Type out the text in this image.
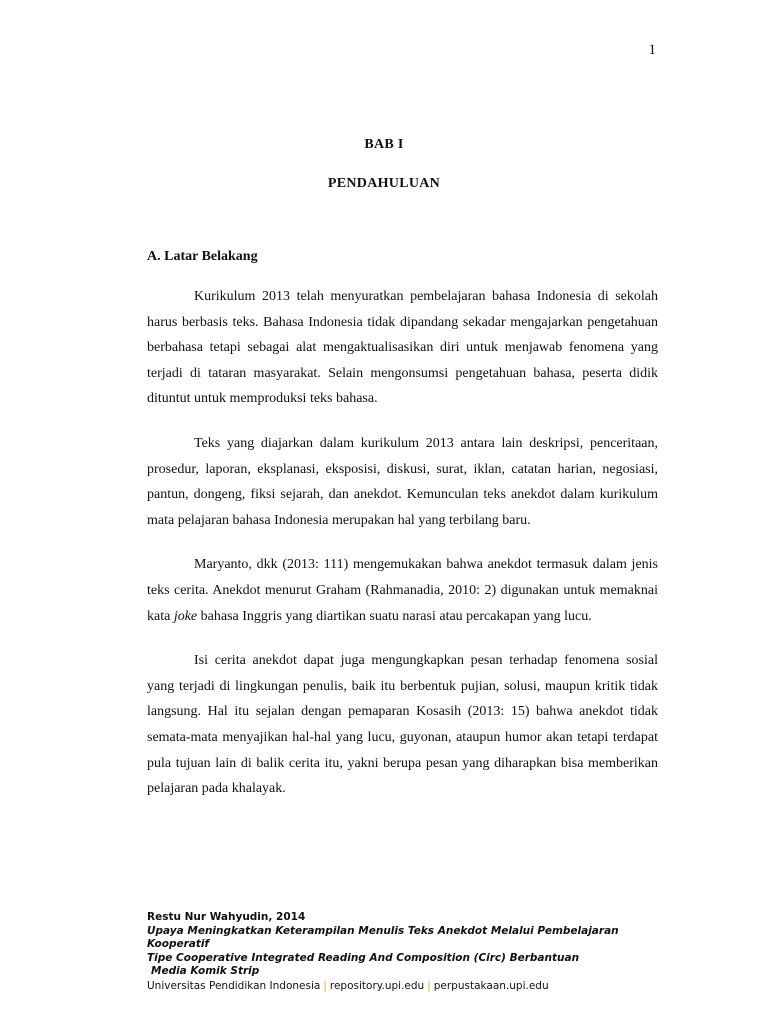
1
BAB I
PENDAHULUAN
A. Latar Belakang

Kurikulum 2013 telah menyuratkan pembelajaran bahasa Indonesia di sekolah harus berbasis teks. Bahasa Indonesia tidak dipandang sekadar mengajarkan pengetahuan berbahasa tetapi sebagai alat mengaktualisasikan diri untuk menjawab fenomena yang terjadi di tataran masyarakat. Selain mengonsumsi pengetahuan bahasa, peserta didik dituntut untuk memproduksi teks bahasa.

Teks yang diajarkan dalam kurikulum 2013 antara lain deskripsi, penceritaan, prosedur, laporan, eksplanasi, eksposisi, diskusi, surat, iklan, catatan harian, negosiasi, pantun, dongeng, fiksi sejarah, dan anekdot. Kemunculan teks anekdot dalam kurikulum mata pelajaran bahasa Indonesia merupakan hal yang terbilang baru.

Maryanto, dkk (2013: 111) mengemukakan bahwa anekdot termasuk dalam jenis teks cerita. Anekdot menurut Graham (Rahmanadia, 2010: 2) digunakan untuk memaknai kata joke bahasa Inggris yang diartikan suatu narasi atau percakapan yang lucu.

Isi cerita anekdot dapat juga mengungkapkan pesan terhadap fenomena sosial yang terjadi di lingkungan penulis, baik itu berbentuk pujian, solusi, maupun kritik tidak langsung. Hal itu sejalan dengan pemaparan Kosasih (2013: 15) bahwa anekdot tidak semata-mata menyajikan hal-hal yang lucu, guyonan, ataupun humor akan tetapi terdapat pula tujuan lain di balik cerita itu, yakni berupa pesan yang diharapkan bisa memberikan pelajaran pada khalayak.

Restu Nur Wahyudin, 2014
Upaya Meningkatkan Keterampilan Menulis Teks Anekdot Melalui Pembelajaran Kooperatif
Tipe Cooperative Integrated Reading And Composition (Circ) Berbantuan
Media Komik Strip
Universitas Pendidikan Indonesia | repository.upi.edu | perpustakaan.upi.edu
